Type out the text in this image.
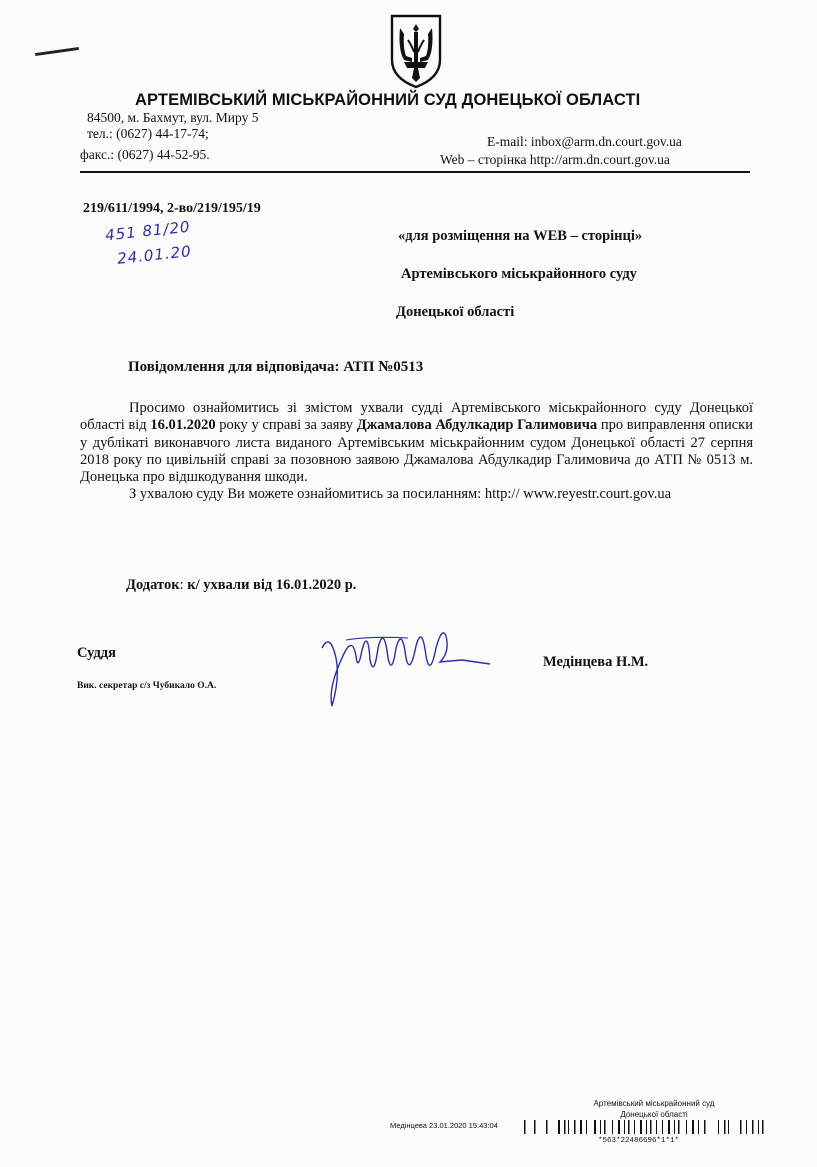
АРТЕМІВСЬКИЙ МІСЬКРАЙОННИЙ СУД ДОНЕЦЬКОЇ ОБЛАСТІ
84500, м. Бахмут, вул. Миру 5
тел.: (0627) 44-17-74;
факс.: (0627) 44-52-95.
E-mail: inbox@arm.dn.court.gov.ua
Web – сторінка http://arm.dn.court.gov.ua
219/611/1994, 2-во/219/195/19
451 81/20
24.01.20
«для розміщення на WEB – сторінці»
Артемівського міськрайонного суду
Донецької області
Повідомлення для відповідача: АТП №0513

Просимо ознайомитись зі змістом ухвали судді Артемівського міськрайонного суду Донецької області від 16.01.2020 року у справі за заяву Джамалова Абдулкадир Галимовича про виправлення описки у дублікаті виконавчого листа виданого Артемівським міськрайонним судом Донецької області 27 серпня 2018 року по цивільній справі за позовною заявою Джамалова Абдулкадир Галимовича до АТП № 0513 м. Донецька про відшкодування шкоди.

З ухвалою суду Ви можете ознайомитись за посиланням: http:// www.reyestr.court.gov.ua

Додаток: к/ ухвали від 16.01.2020 р.
Суддя
Вик. секретар с/з Чубикало О.А.
Медінцева Н.М.
Артемівський міськрайонний суд
Донецької області
Медінцева 23.01.2020 15:43:04
*563*22486696*1*1*
